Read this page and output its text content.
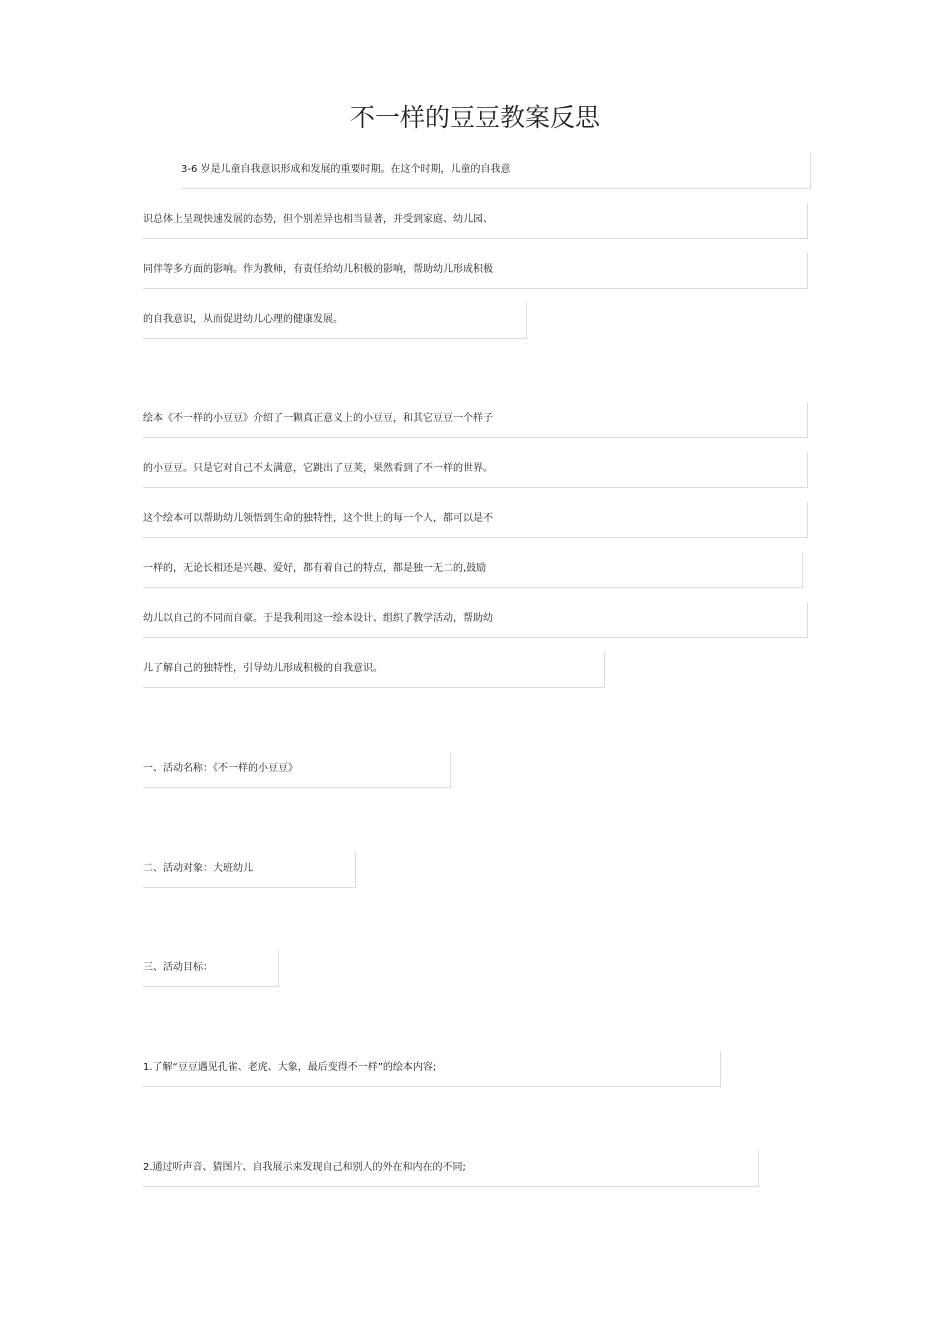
不一样的豆豆教案反思
3-6 岁是儿童自我意识形成和发展的重要时期。在这个时期，儿童的自我意
识总体上呈现快速发展的态势，但个别差异也相当显著，并受到家庭、幼儿园、
同伴等多方面的影响。作为教师，有责任给幼儿积极的影响，帮助幼儿形成积极
的自我意识，从而促进幼儿心理的健康发展。
绘本《不一样的小豆豆》介绍了一颗真正意义上的小豆豆，和其它豆豆一个样子
的小豆豆。只是它对自己不太满意，它跳出了豆荚，果然看到了不一样的世界。
这个绘本可以帮助幼儿领悟到生命的独特性，这个世上的每一个人，都可以是不
一样的，无论长相还是兴趣、爱好，都有着自己的特点，都是独一无二的,鼓励
幼儿以自己的不同而自豪。于是我利用这一绘本设计、组织了教学活动，帮助幼
儿了解自己的独特性，引导幼儿形成积极的自我意识。
一、活动名称：《不一样的小豆豆》
二、活动对象：大班幼儿
三、活动目标：
1.了解“豆豆遇见孔雀、老虎、大象，最后变得不一样”的绘本内容;
2.通过听声音、猜图片、自我展示来发现自己和别人的外在和内在的不同;
